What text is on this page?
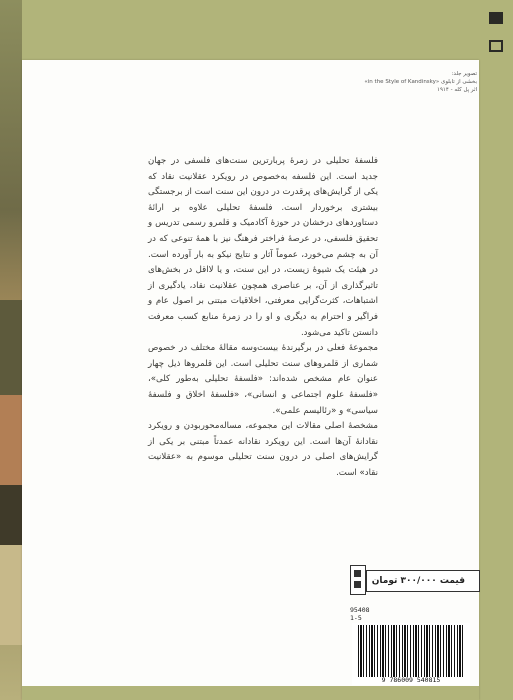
تصویر جلد:
بخشی از تابلوی «in the Style of Kandinsky»
اثر پل کله - ۱۹۱۴

فلسفهٔ تحلیلی در زمرهٔ پربارترین سنت‌های فلسفی در جهان جدید است. این فلسفه به‌خصوص در رویکرد عقلانیت نقاد که یکی از گرایش‌های پرقدرت در درون این سنت است از برجستگی بیشتری برخوردار است. فلسفهٔ تحلیلی علاوه بر ارائهٔ دستاوردهای درخشان در حوزهٔ آکادمیک و قلمرو رسمی تدریس و تحقیق فلسفی، در عرصهٔ فراختر فرهنگ نیز با همهٔ تنوعی که در آن به چشم می‌خورد، عموماً آثار و نتایج نیکو به بار آورده است. در هیئت یک شیوهٔ زیست، در این سنت، و یا لااقل در بخش‌های تاثیرگذاری از آن، بر عناصری همچون عقلانیت نقاد، یادگیری از اشتباهات، کثرت‌گرایی معرفتی، اخلاقیات مبتنی بر اصول عام و فراگیر و احترام به دیگری و او را در زمرهٔ منابع کسب معرفت دانستن تاکید می‌شود.

مجموعهٔ فعلی در برگیرندهٔ بیست‌وسه مقالهٔ مختلف در خصوص شماری از قلمروهای سنت تحلیلی است. این قلمروها ذیل چهار عنوان عام مشخص شده‌اند: «فلسفهٔ تحلیلی به‌طور کلی»، «فلسفهٔ علوم اجتماعی و انسانی»، «فلسفهٔ اخلاق و فلسفهٔ سیاسی» و «رئالیسم علمی».

مشخصهٔ اصلی مقالات این مجموعه، مساله‌محوربودن و رویکرد نقادانهٔ آن‌ها است. این رویکرد نقادانه عمدتاً مبتنی بر یکی از گرایش‌های اصلی در درون سنت تحلیلی موسوم به «عقلانیت نقاد» است.

قیمت ۳۰۰/۰۰۰ تومان
95408
1-5
9 786009 540815
